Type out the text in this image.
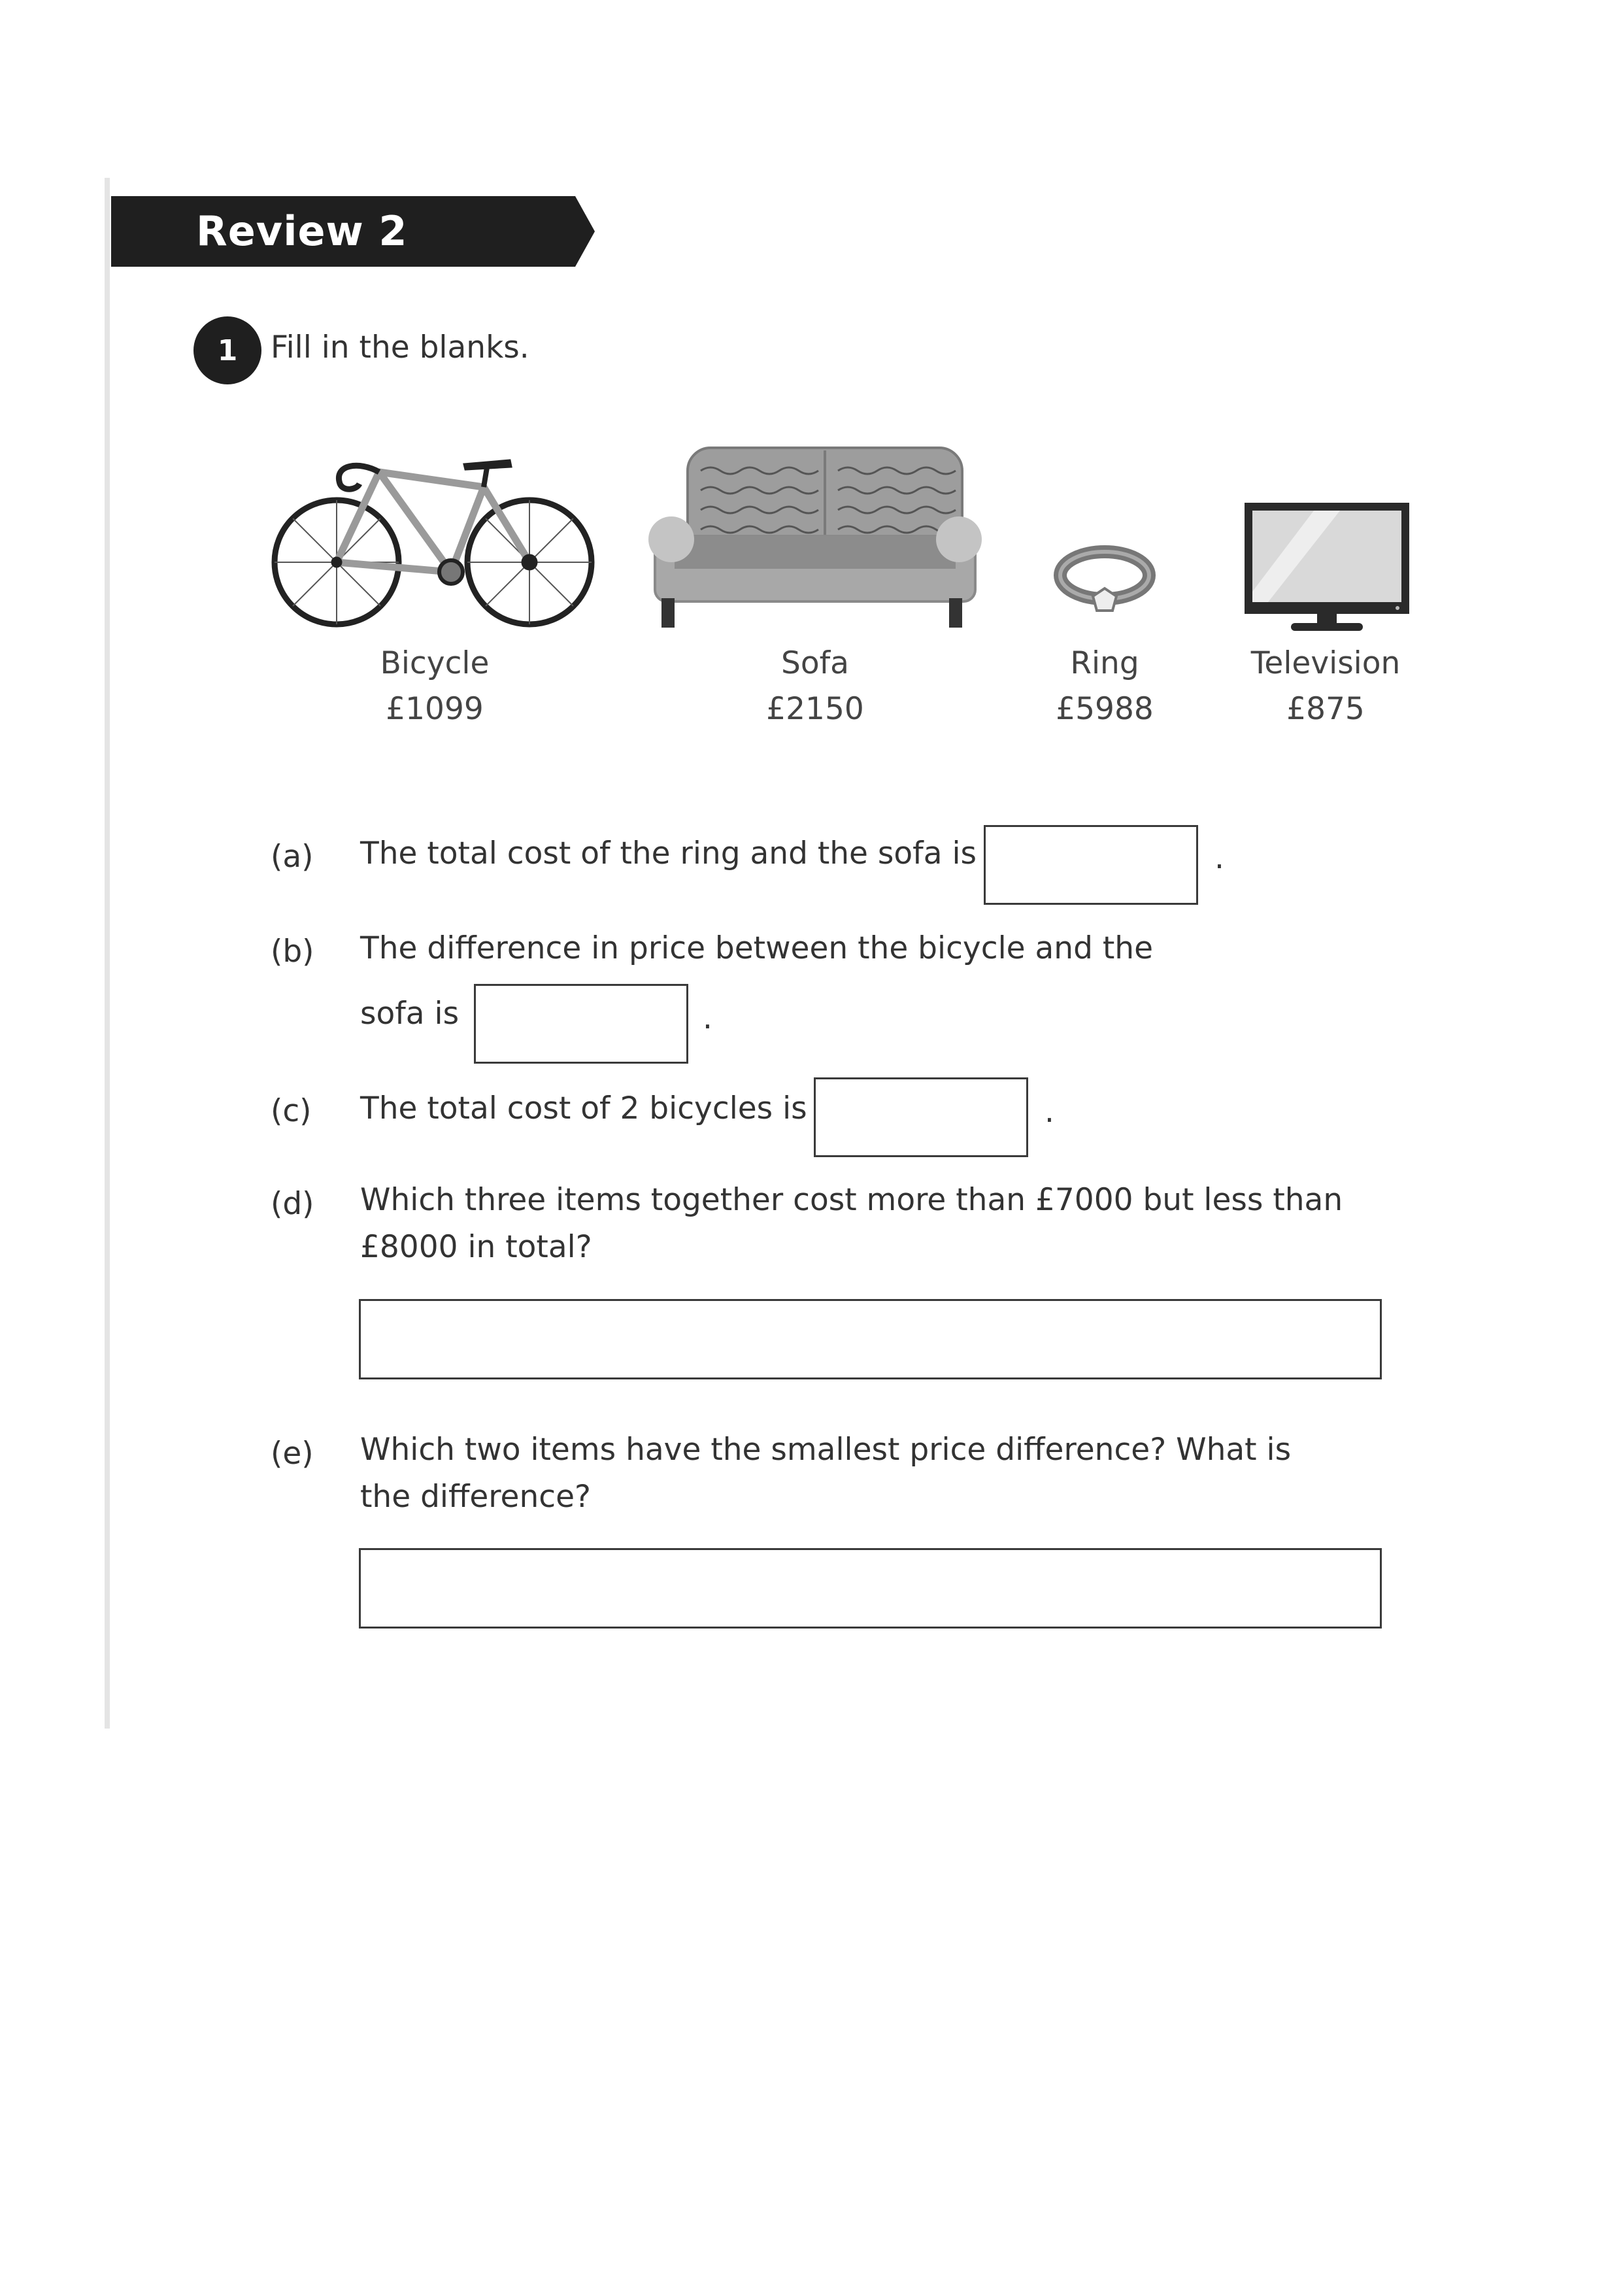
Review 2
1	Fill in the blanks.
Bicycle
£1099
Sofa
£2150
Ring
£5988
Television
£875
(a) The total cost of the ring and the sofa is	.
(b) The difference in price between the bicycle and the
sofa is	.
(c) The total cost of 2 bicycles is	.
(d) Which three items together cost more than £7000 but less than
£8000 in total?
(e) Which two items have the smallest price difference? What is
the difference?
